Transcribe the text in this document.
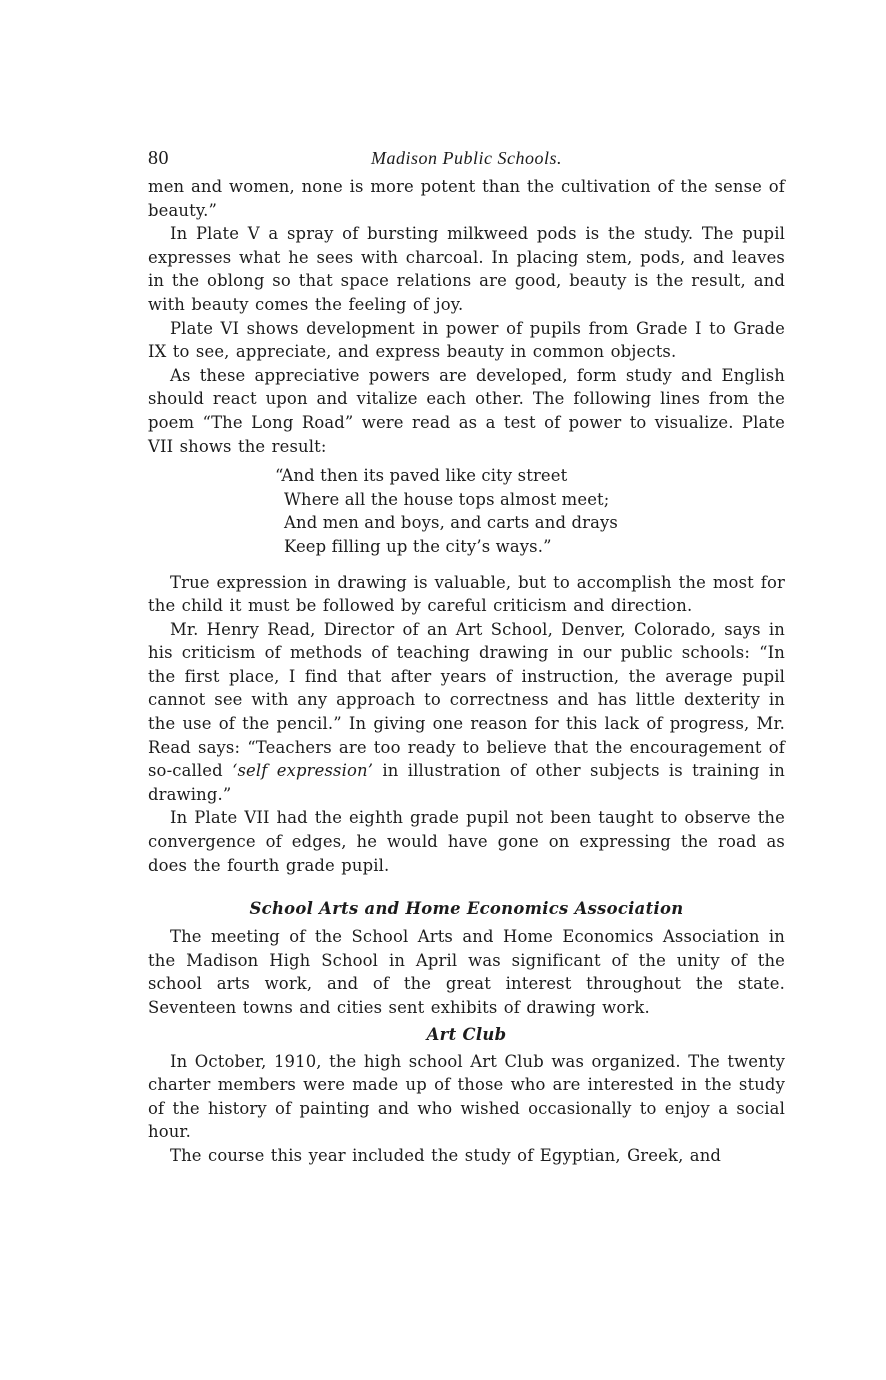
80	Madison Public Schools.

men and women, none is more potent than the cultivation of the sense of beauty.”

In Plate V a spray of bursting milkweed pods is the study. The pupil expresses what he sees with charcoal. In placing stem, pods, and leaves in the oblong so that space relations are good, beauty is the result, and with beauty comes the feeling of joy.

Plate VI shows development in power of pupils from Grade I to Grade IX to see, appreciate, and express beauty in common objects.

As these appreciative powers are developed, form study and English should react upon and vitalize each other. The following lines from the poem “The Long Road” were read as a test of power to visualize. Plate VII shows the result:

“And then its paved like city street
Where all the house tops almost meet;
And men and boys, and carts and drays
Keep filling up the city’s ways.”

True expression in drawing is valuable, but to accomplish the most for the child it must be followed by careful criticism and direction.

Mr. Henry Read, Director of an Art School, Denver, Colorado, says in his criticism of methods of teaching drawing in our public schools: “In the first place, I find that after years of instruction, the average pupil cannot see with any approach to correctness and has little dexterity in the use of the pencil.” In giving one reason for this lack of progress, Mr. Read says: “Teachers are too ready to believe that the encouragement of so-called ‘self expression’ in illustration of other subjects is training in drawing.”

In Plate VII had the eighth grade pupil not been taught to observe the convergence of edges, he would have gone on expressing the road as does the fourth grade pupil.

School Arts and Home Economics Association

The meeting of the School Arts and Home Economics Association in the Madison High School in April was significant of the unity of the school arts work, and of the great interest throughout the state. Seventeen towns and cities sent exhibits of drawing work.

Art Club

In October, 1910, the high school Art Club was organized. The twenty charter members were made up of those who are interested in the study of the history of painting and who wished occasionally to enjoy a social hour.

The course this year included the study of Egyptian, Greek, and
